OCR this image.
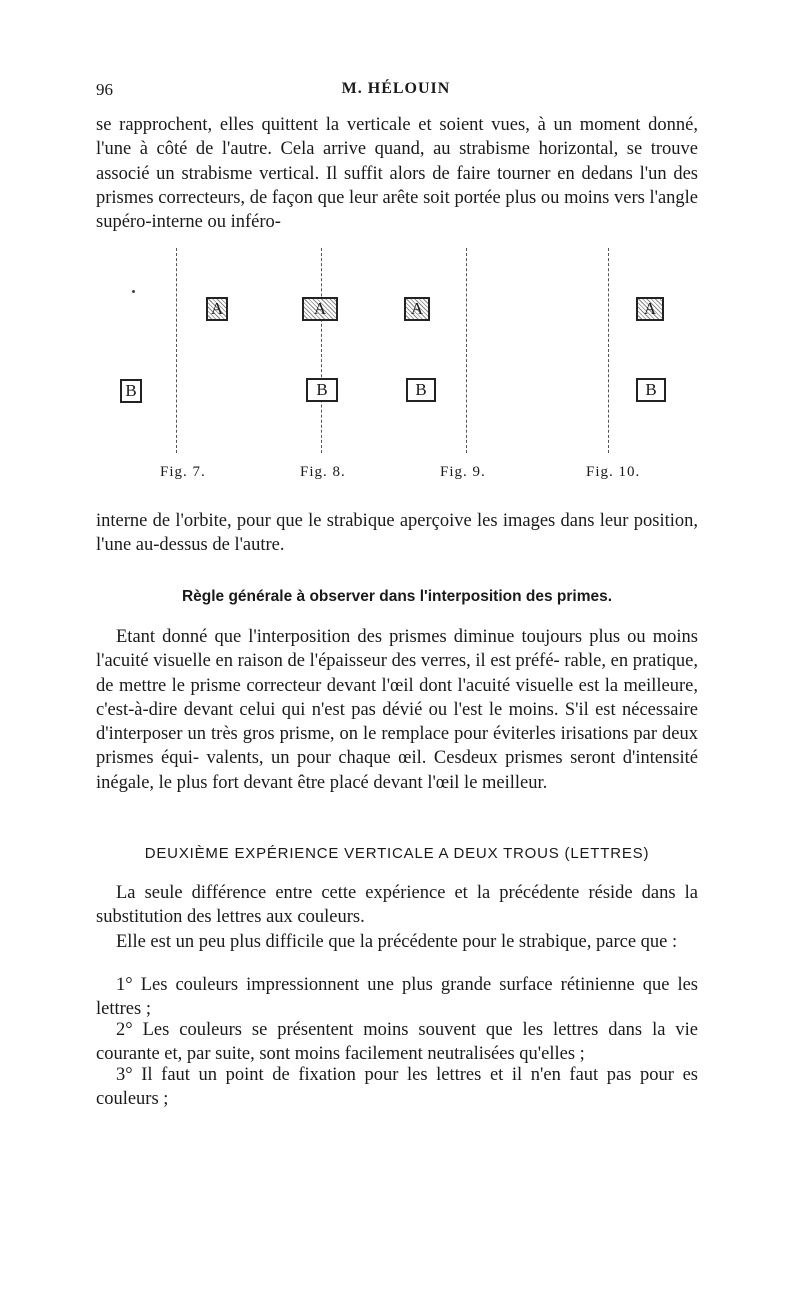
96	M. HÉLOUIN

se rapprochent, elles quittent la verticale et soient vues, à un moment donné, l'une à côté de l'autre. Cela arrive quand, au strabisme horizontal, se trouve associé un strabisme vertical. Il suffit alors de faire tourner en dedans l'un des prismes correcteurs, de façon que leur arête soit portée plus ou moins vers l'angle supéro-interne ou inféro-

A
B
Fig. 7.
A
B
Fig. 8.
A
B
Fig. 9.
A
B
Fig. 10.

interne de l'orbite, pour que le strabique aperçoive les images dans leur position, l'une au-dessus de l'autre.

Règle générale à observer dans l'interposition des primes.

Etant donné que l'interposition des prismes diminue toujours plus ou moins l'acuité visuelle en raison de l'épaisseur des verres, il est préfé- rable, en pratique, de mettre le prisme correcteur devant l'œil dont l'acuité visuelle est la meilleure, c'est-à-dire devant celui qui n'est pas dévié ou l'est le moins. S'il est nécessaire d'interposer un très gros prisme, on le remplace pour éviterles irisations par deux prismes équi- valents, un pour chaque œil. Cesdeux prismes seront d'intensité inégale, le plus fort devant être placé devant l'œil le meilleur.

DEUXIÈME EXPÉRIENCE VERTICALE A DEUX TROUS (LETTRES)

La seule différence entre cette expérience et la précédente réside dans la substitution des lettres aux couleurs.

Elle est un peu plus difficile que la précédente pour le strabique, parce que :

1° Les couleurs impressionnent une plus grande surface rétinienne que les lettres ;

2° Les couleurs se présentent moins souvent que les lettres dans la vie courante et, par suite, sont moins facilement neutralisées qu'elles ;

3° Il faut un point de fixation pour les lettres et il n'en faut pas pour es couleurs ;
